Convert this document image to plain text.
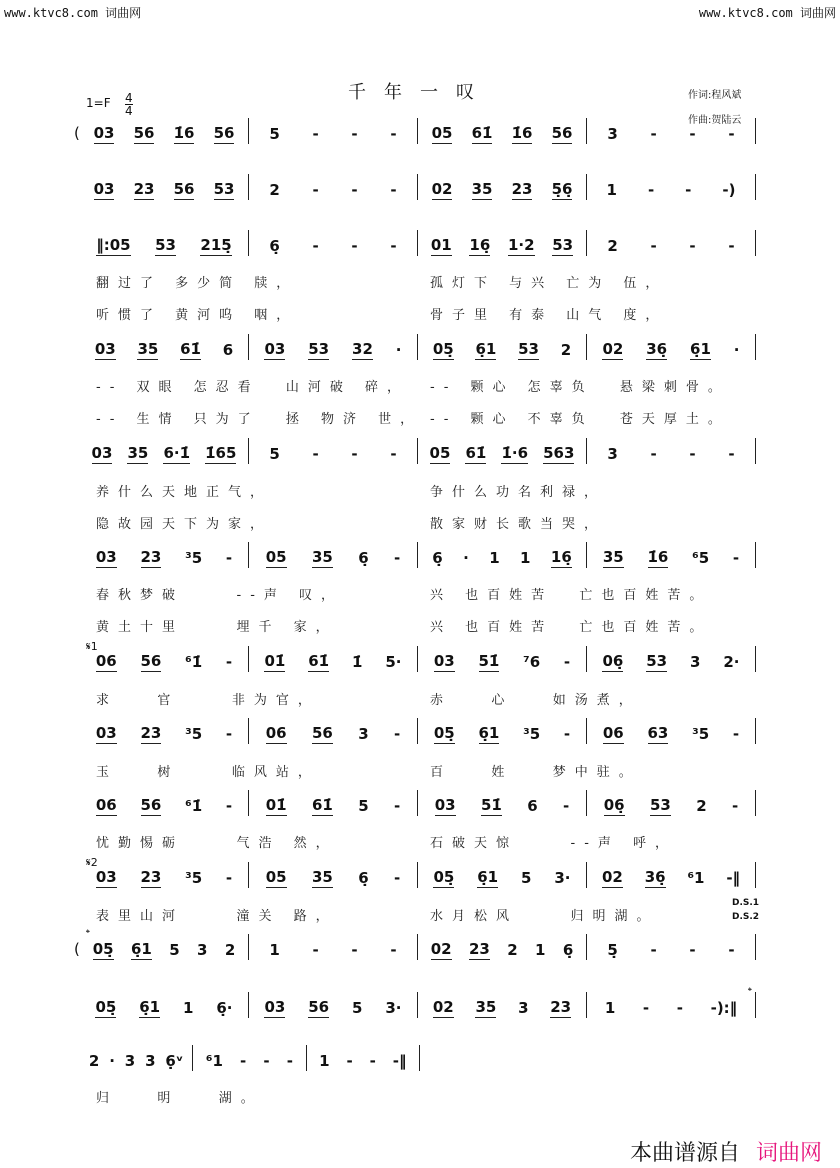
www.ktvc8.com 词曲网	www.ktvc8.com 词曲网
千年一叹	作词:程风斌
作曲:贺陆云
$1=F \frac{4}{4}$
( 03 56 1̇6 56 5 - - - 05 61̇ 1̇6 56 3 - - -
03 23 56 53 2 - - - 02 35 23 5̣6̣ 1 - - -)
‖:05 53 215̣	6̣ - - - 01 16̣ 1·2 53 2 - - -
03 35 61̇ 6 03 53 32 · 05̣ 6̣1 53 2 02 36̣ 6̣1 ·
03 35 6·1̇ 1̇65 5 - - - 05 61̇ 1̇·6 563 3 - - -
03 23 ³5 - 05 35 6̣ - 6̣ · 1 1 16̣ 35 1̇6 ⁶5 -
06 56 ⁶1̇ - 01̇ 61̇ 1̇ 5· 03 51̇ ⁷6 - 06̣ 53 3 2·
03 23 ³5 - 06 56 3 - 05̣ 6̣1 ³5 - 06 63 ³5 -
06 56 ⁶1̇ - 01̇ 61̇ 5 - 03 51̇ 6 - 06̣ 53 2 -
03 23 ³5 - 05 35 6̣ - 05̣ 6̣1 5 3· 02 36̣ ⁶1 -‖
( 05̣ 6̣1 5 3 2 1 - - - 02 23 2 1 6̣ 5̣ - - -
05̣ 6̣1 1 6̣· 03 56 5 3· 02 35 3 23 1 - - -):‖
2 · 3 3 6̣ᵛ ⁶1 - - - 1 - - -‖
翻过了 多少简 牍，	孤灯下 与兴 亡为 伍，
听惯了 黄河呜 咽，	骨子里 有泰 山气 度，
-- 双眼 怎忍看  山河破 碎， -- 颗心 怎辜负  悬梁刺骨。
-- 生情 只为了  拯 物济 世， -- 颗心 不辜负  苍天厚土。
养什么天地正气，	争什么功名利禄，
隐故园天下为家，	散家财长歌当哭，
春秋梦破    --声 叹，	兴 也百姓苦  亡也百姓苦。
黄土十里    埋千 家，	兴 也百姓苦  亡也百姓苦。
求   官    非为官，	赤   心   如汤煮，
玉   树    临风站，	百   姓   梦中驻。
忧勤惕砺    气浩 然，	石破天惊    --声 呼，
表里山河    潼关 路，	水月松风    归明湖。
归   明   湖。
𝄋1
𝄋2
𝄌
𝄌
D.S.1
D.S.2
本曲谱源自 词曲网
